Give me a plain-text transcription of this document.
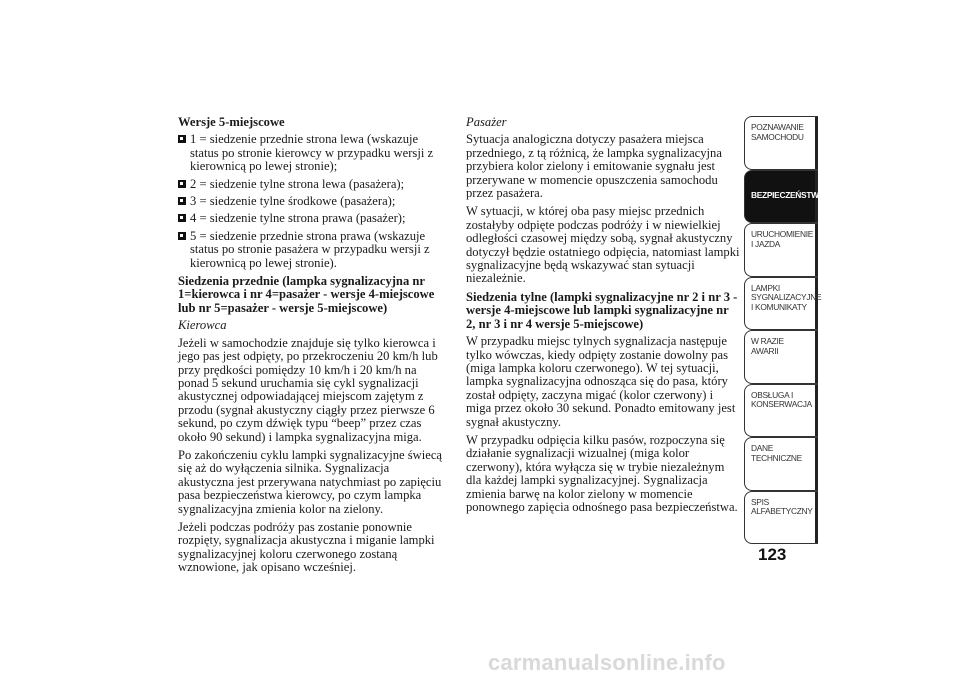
Wersje 5-miejscowe
1 = siedzenie przednie strona lewa (wskazuje status po stronie kierowcy w przypadku wersji z kierownicą po lewej stronie);
2 = siedzenie tylne strona lewa (pasażera);
3 = siedzenie tylne środkowe (pasażera);
4 = siedzenie tylne strona prawa (pasażer);
5 = siedzenie przednie strona prawa (wskazuje status po stronie pasażera w przypadku wersji z kierownicą po lewej stronie).
Siedzenia przednie (lampka sygnalizacyjna nr 1=kierowca i nr 4=pasażer - wersje 4-miejscowe lub nr 5=pasażer - wersje 5-miejscowe)

Kierowca

Jeżeli w samochodzie znajduje się tylko kierowca i jego pas jest odpięty, po przekroczeniu 20 km/h lub przy prędkości pomiędzy 10 km/h i 20 km/h na ponad 5 sekund uruchamia się cykl sygnalizacji akustycznej odpowiadającej miejscom zajętym z przodu (sygnał akustyczny ciągły przez pierwsze 6 sekund, po czym dźwięk typu “beep” przez czas około 90 sekund) i lampka sygnalizacyjna miga.

Po zakończeniu cyklu lampki sygnalizacyjne świecą się aż do wyłączenia silnika. Sygnalizacja akustyczna jest przerywana natychmiast po zapięciu pasa bezpieczeństwa kierowcy, po czym lampka sygnalizacyjna zmienia kolor na zielony.

Jeżeli podczas podróży pas zostanie ponownie rozpięty, sygnalizacja akustyczna i miganie lampki sygnalizacyjnej koloru czerwonego zostaną wznowione, jak opisano wcześniej.

Pasażer

Sytuacja analogiczna dotyczy pasażera miejsca przedniego, z tą różnicą, że lampka sygnalizacyjna przybiera kolor zielony i emitowanie sygnału jest przerywane w momencie opuszczenia samochodu przez pasażera.

W sytuacji, w której oba pasy miejsc przednich zostałyby odpięte podczas podróży i w niewielkiej odległości czasowej między sobą, sygnał akustyczny dotyczył będzie ostatniego odpięcia, natomiast lampki sygnalizacyjne będą wskazywać stan sytuacji niezależnie.

Siedzenia tylne (lampki sygnalizacyjne nr 2 i nr 3 - wersje 4-miejscowe lub lampki sygnalizacyjne nr 2, nr 3 i nr 4 wersje 5-miejscowe)

W przypadku miejsc tylnych sygnalizacja następuje tylko wówczas, kiedy odpięty zostanie dowolny pas (miga lampka koloru czerwonego). W tej sytuacji, lampka sygnalizacyjna odnosząca się do pasa, który został odpięty, zaczyna migać (kolor czerwony) i miga przez około 30 sekund. Ponadto emitowany jest sygnał akustyczny.

W przypadku odpięcia kilku pasów, rozpoczyna się działanie sygnalizacji wizualnej (miga kolor czerwony), która wyłącza się w trybie niezależnym dla każdej lampki sygnalizacyjnej. Sygnalizacja zmienia barwę na kolor zielony w momencie ponownego zapięcia odnośnego pasa bezpieczeństwa.

POZNAWANIE SAMOCHODU
BEZPIECZEŃSTWO
URUCHOMIENIE I JAZDA
LAMPKI SYGNALIZACYJNE I KOMUNIKATY
W RAZIE AWARII
OBSŁUGA I KONSERWACJA
DANE TECHNICZNE
SPIS ALFABETYCZNY
123
carmanualsonline.info
